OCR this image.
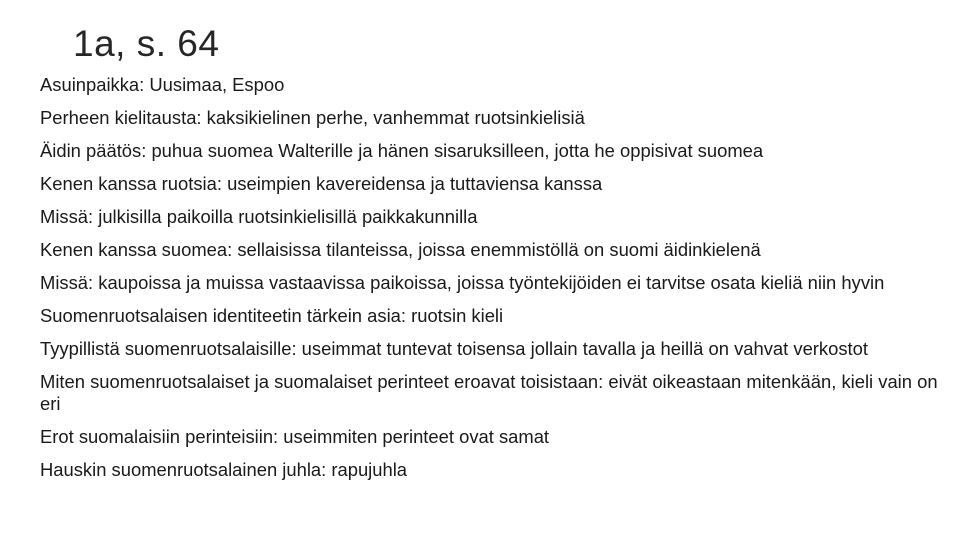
1a, s. 64
Asuinpaikka: Uusimaa, Espoo
Perheen kielitausta: kaksikielinen perhe, vanhemmat ruotsinkielisiä
Äidin päätös: puhua suomea Walterille ja hänen sisaruksilleen, jotta he oppisivat suomea
Kenen kanssa ruotsia: useimpien kavereidensa ja tuttaviensa kanssa
Missä: julkisilla paikoilla ruotsinkielisillä paikkakunnilla
Kenen kanssa suomea: sellaisissa tilanteissa, joissa enemmistöllä on suomi äidinkielenä
Missä: kaupoissa ja muissa vastaavissa paikoissa, joissa työntekijöiden ei tarvitse osata kieliä niin hyvin
Suomenruotsalaisen identiteetin tärkein asia: ruotsin kieli
Tyypillistä suomenruotsalaisille: useimmat tuntevat toisensa jollain tavalla ja heillä on vahvat verkostot
Miten suomenruotsalaiset ja suomalaiset perinteet eroavat toisistaan: eivät oikeastaan mitenkään, kieli vain on eri
Erot suomalaisiin perinteisiin: useimmiten perinteet ovat samat
Hauskin suomenruotsalainen juhla: rapujuhla
